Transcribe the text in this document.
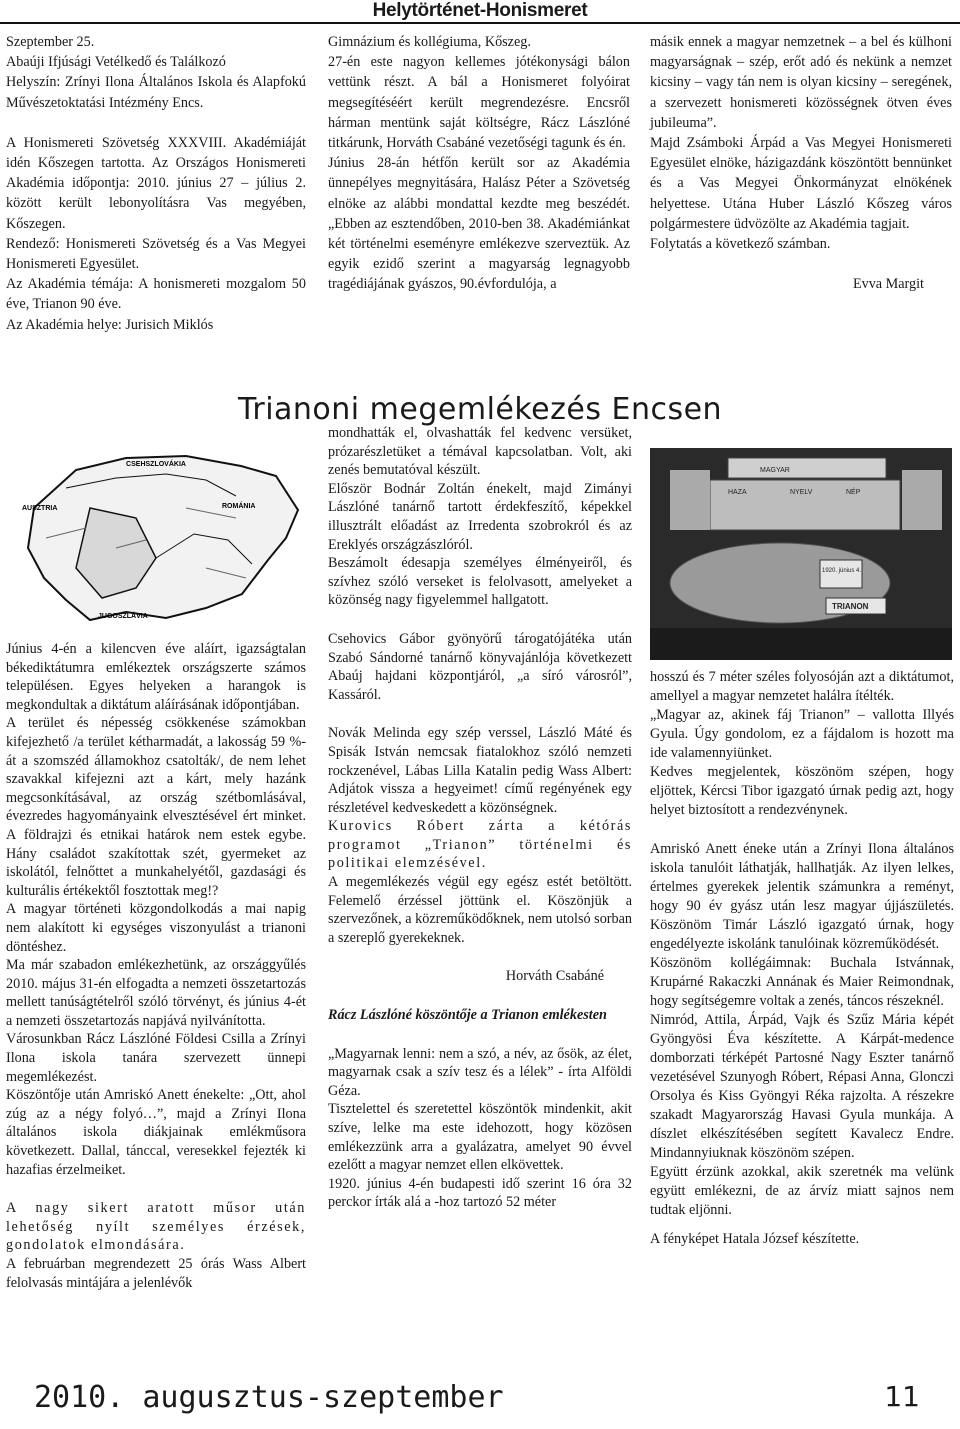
Helytörténet-Honismeret

Szeptember 25.

Abaúji Ifjúsági Vetélkedő és Találkozó

Helyszín: Zrínyi Ilona Általános Iskola és Alapfokú Művészetoktatási Intézmény Encs.

A Honismereti Szövetség XXXVIII. Akadémiáját idén Kőszegen tartotta. Az Országos Honismereti Akadémia időpontja: 2010. június 27 – július 2. között került lebonyolításra Vas megyében, Kőszegen.

Rendező: Honismereti Szövetség és a Vas Megyei Honismereti Egyesület.

Az Akadémia témája: A honismereti mozgalom 50 éve, Trianon 90 éve.

Az Akadémia helye: Jurisich Miklós

Gimnázium és kollégiuma, Kőszeg.

27-én este nagyon kellemes jótékonysági bálon vettünk részt. A bál a Honismeret folyóirat megsegítéséért került megrendezésre. Encsről hárman mentünk saját költségre, Rácz Lászlóné titkárunk, Horváth Csabáné vezetőségi tagunk és én.

Június 28-án hétfőn került sor az Akadémia ünnepélyes megnyitására, Halász Péter a Szövetség elnöke az alábbi mondattal kezdte meg beszédét. „Ebben az esztendőben, 2010-ben 38. Akadémiánkat két történelmi eseményre emlékezve szerveztük. Az egyik ezidő szerint a magyarság legnagyobb tragédiájának gyászos, 90.évfordulója, a

másik ennek a magyar nemzetnek – a bel és külhoni magyarságnak – szép, erőt adó és nekünk a nemzet kicsiny – vagy tán nem is olyan kicsiny – seregének, a szervezett honismereti közösségnek ötven éves jubileuma”.

Majd Zsámboki Árpád a Vas Megyei Honismereti Egyesület elnöke, házigazdánk köszöntött bennünket és a Vas Megyei Önkormányzat elnökének helyettese. Utána Huber László Kőszeg város polgármestere üdvözölte az Akadémia tagjait.

Folytatás a következő számban.

Evva Margit

Trianoni megemlékezés Encsen
CSEHSZLOVÁKIA
AUSZTRIA	ROMÁNIA
JUGOSZLÁVIA
MAGYAR
HAZA	NYELV	NÉP
1920. június 4.
TRIANON

Június 4-én a kilencven éve aláírt, igazságtalan békediktátumra emlékeztek országszerte számos településen. Egyes helyeken a harangok is megkondultak a diktátum aláírásának időpontjában.

A terület és népesség csökkenése számokban kifejezhető /a terület kétharmadát, a lakosság 59 %-át a szomszéd államokhoz csatolták/, de nem lehet szavakkal kifejezni azt a kárt, mely hazánk megcsonkításával, az ország szétbomlásával, évezredes hagyományaink elvesztésével ért minket. A földrajzi és etnikai határok nem estek egybe. Hány családot szakítottak szét, gyermeket az iskolától, felnőttet a munkahelyétől, gazdasági és kulturális értékektől fosztottak meg!?

A magyar történeti közgondolkodás a mai napig nem alakított ki egységes viszonyulást a trianoni döntéshez.

Ma már szabadon emlékezhetünk, az országgyűlés 2010. május 31-én elfogadta a nemzeti összetartozás mellett tanúságtételről szóló törvényt, és június 4-ét a nemzeti összetartozás napjává nyilvánította.

Városunkban Rácz Lászlóné Földesi Csilla a Zrínyi Ilona iskola tanára szervezett ünnepi megemlékezést.

Köszöntője után Amriskó Anett énekelte: „Ott, ahol zúg az a négy folyó…”, majd a Zrínyi Ilona általános iskola diákjainak emlékműsora következett. Dallal, tánccal, veresekkel fejezték ki hazafias érzelmeiket.

A nagy sikert aratott műsor után lehetőség nyílt személyes érzések, gondolatok elmondására.

A februárban megrendezett 25 órás Wass Albert felolvasás mintájára a jelenlévők

mondhatták el, olvashatták fel kedvenc versüket, prózarészletüket a témával kapcsolatban. Volt, aki zenés bemutatóval készült.

Először Bodnár Zoltán énekelt, majd Zimányi Lászlóné tanárnő tartott érdekfeszítő, képekkel illusztrált előadást az Irredenta szobrokról és az Ereklyés országzászlóról.

Beszámolt édesapja személyes élményeiről, és szívhez szóló verseket is felolvasott, amelyeket a közönség nagy figyelemmel hallgatott.

Csehovics Gábor gyönyörű tárogatójátéka után Szabó Sándorné tanárnő könyvajánlója következett Abaúj hajdani központjáról, „a síró városról”, Kassáról.

Novák Melinda egy szép verssel, László Máté és Spisák István nemcsak fiatalokhoz szóló nemzeti rockzenével, Lábas Lilla Katalin pedig Wass Albert: Adjátok vissza a hegyeimet! című regényének egy részletével kedveskedett a közönségnek.

Kurovics Róbert zárta a kétórás programot „Trianon” történelmi és politikai elemzésével.

A megemlékezés végül egy egész estét betöltött. Felemelő érzéssel jöttünk el. Köszönjük a szervezőnek, a közreműködőknek, nem utolsó sorban a szereplő gyerekeknek.

Horváth Csabáné

Rácz Lászlóné köszöntője a Trianon emlékesten

„Magyarnak lenni: nem a szó, a név, az ősök, az élet, magyarnak csak a szív tesz és a lélek” - írta Alföldi Géza.

Tisztelettel és szeretettel köszöntök mindenkit, akit szíve, lelke ma este idehozott, hogy közösen emlékezzünk arra a gyalázatra, amelyet 90 évvel ezelőtt a magyar nemzet ellen elkövettek.

1920. június 4-én budapesti idő szerint 16 óra 32 perckor írták alá a -hoz tartozó 52 méter

hosszú és 7 méter széles folyosóján azt a diktátumot, amellyel a magyar nemzetet halálra ítélték.

„Magyar az, akinek fáj Trianon” – vallotta Illyés Gyula. Úgy gondolom, ez a fájdalom is hozott ma ide valamennyiünket.

Kedves megjelentek, köszönöm szépen, hogy eljöttek, Kércsi Tibor igazgató úrnak pedig azt, hogy helyet biztosított a rendezvénynek.

Amriskó Anett éneke után a Zrínyi Ilona általános iskola tanulóit láthatják, hallhatják. Az ilyen lelkes, értelmes gyerekek jelentik számunkra a reményt, hogy 90 év gyász után lesz magyar újjászületés. Köszönöm Timár László igazgató úrnak, hogy engedélyezte iskolánk tanulóinak közreműködését.

Köszönöm kollégáimnak: Buchala Istvánnak, Krupárné Rakaczki Annának és Maier Reimondnak, hogy segítségemre voltak a zenés, táncos részeknél.

Nimród, Attila, Árpád, Vajk és Szűz Mária képét Gyöngyösi Éva készítette. A Kárpát-medence domborzati térképét Partosné Nagy Eszter tanárnő vezetésével Szunyogh Róbert, Répasi Anna, Glonczi Orsolya és Kiss Gyöngyi Réka rajzolta. A részekre szakadt Magyarország Havasi Gyula munkája. A díszlet elkészítésében segített Kavalecz Endre. Mindannyiuknak köszönöm szépen.

Együtt érzünk azokkal, akik szeretnék ma velünk együtt emlékezni, de az árvíz miatt sajnos nem tudtak eljönni.

A fényképet Hatala József készítette.

2010. augusztus-szeptember	11
